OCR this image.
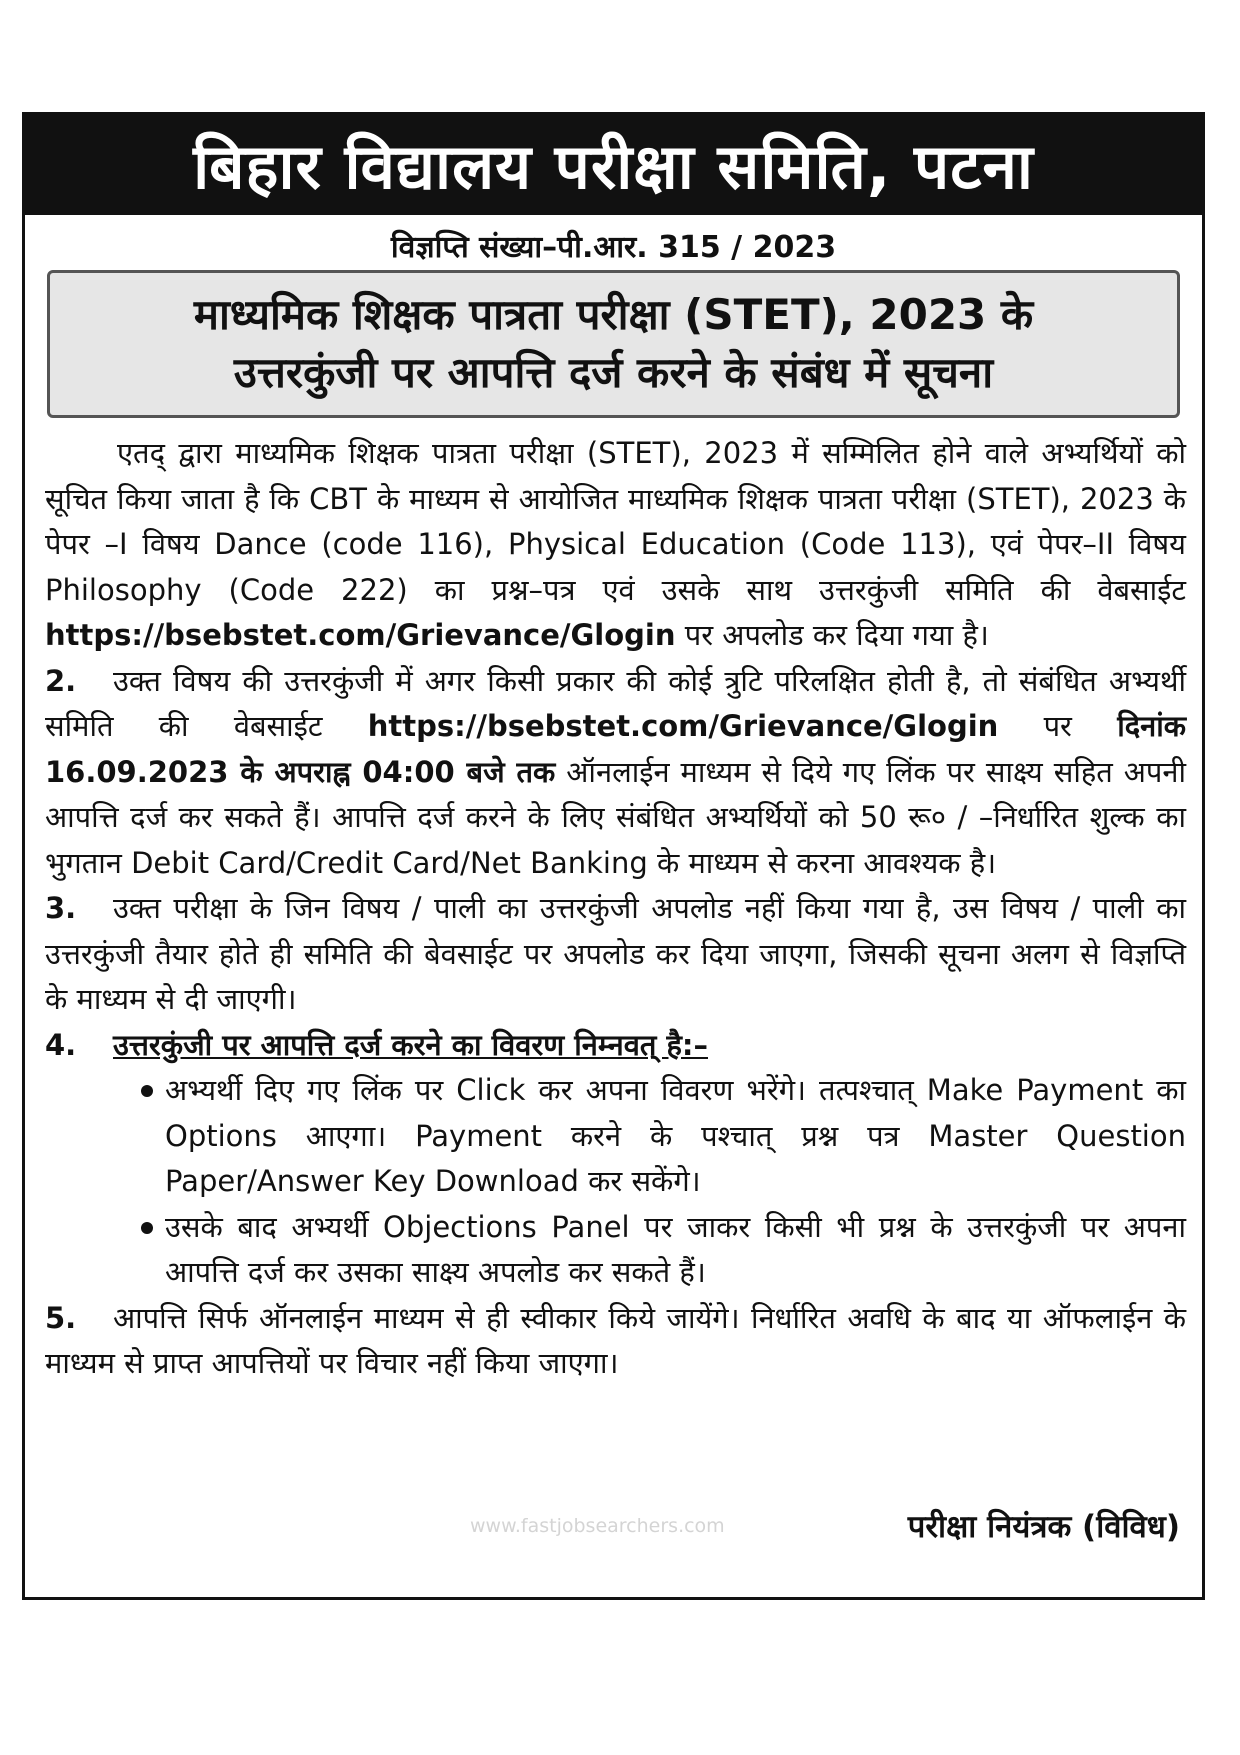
बिहार विद्यालय परीक्षा समिति, पटना
विज्ञप्ति संख्या–पी.आर. 315 / 2023
माध्यमिक शिक्षक पात्रता परीक्षा (STET), 2023 के
उत्तरकुंजी पर आपत्ति दर्ज करने के संबंध में सूचना

एतद् द्वारा माध्यमिक शिक्षक पात्रता परीक्षा (STET), 2023 में सम्मिलित होने वाले अभ्यर्थियों को सूचित किया जाता है कि CBT के माध्यम से आयोजित माध्यमिक शिक्षक पात्रता परीक्षा (STET), 2023 के पेपर –I विषय Dance (code 116), Physical Education (Code 113), एवं पेपर–II विषय Philosophy (Code 222) का प्रश्न–पत्र एवं उसके साथ उत्तरकुंजी समिति की वेबसाईट https://bsebstet.com/Grievance/Glogin पर अपलोड कर दिया गया है।

2. उक्त विषय की उत्तरकुंजी में अगर किसी प्रकार की कोई त्रुटि परिलक्षित होती है, तो संबंधित अभ्यर्थी समिति की वेबसाईट https://bsebstet.com/Grievance/Glogin पर दिनांक 16.09.2023 के अपराह्न 04:00 बजे तक ऑनलाईन माध्यम से दिये गए लिंक पर साक्ष्य सहित अपनी आपत्ति दर्ज कर सकते हैं। आपत्ति दर्ज करने के लिए संबंधित अभ्यर्थियों को 50 रू० / –निर्धारित शुल्क का भुगतान Debit Card/Credit Card/Net Banking के माध्यम से करना आवश्यक है।

3. उक्त परीक्षा के जिन विषय / पाली का उत्तरकुंजी अपलोड नहीं किया गया है, उस विषय / पाली का उत्तरकुंजी तैयार होते ही समिति की बेवसाईट पर अपलोड कर दिया जाएगा, जिसकी सूचना अलग से विज्ञप्ति के माध्यम से दी जाएगी।

4. उत्तरकुंजी पर आपत्ति दर्ज करने का विवरण निम्नवत् है:–

अभ्यर्थी दिए गए लिंक पर Click कर अपना विवरण भरेंगे। तत्पश्चात् Make Payment का Options आएगा। Payment करने के पश्चात् प्रश्न पत्र Master Question Paper/Answer Key Download कर सकेंगे।

उसके बाद अभ्यर्थी Objections Panel पर जाकर किसी भी प्रश्न के उत्तरकुंजी पर अपना आपत्ति दर्ज कर उसका साक्ष्य अपलोड कर सकते हैं।

5. आपत्ति सिर्फ ऑनलाईन माध्यम से ही स्वीकार किये जायेंगे। निर्धारित अवधि के बाद या ऑफलाईन के माध्यम से प्राप्त आपत्तियों पर विचार नहीं किया जाएगा।

www.fastjobsearchers.com	परीक्षा नियंत्रक (विविध)
